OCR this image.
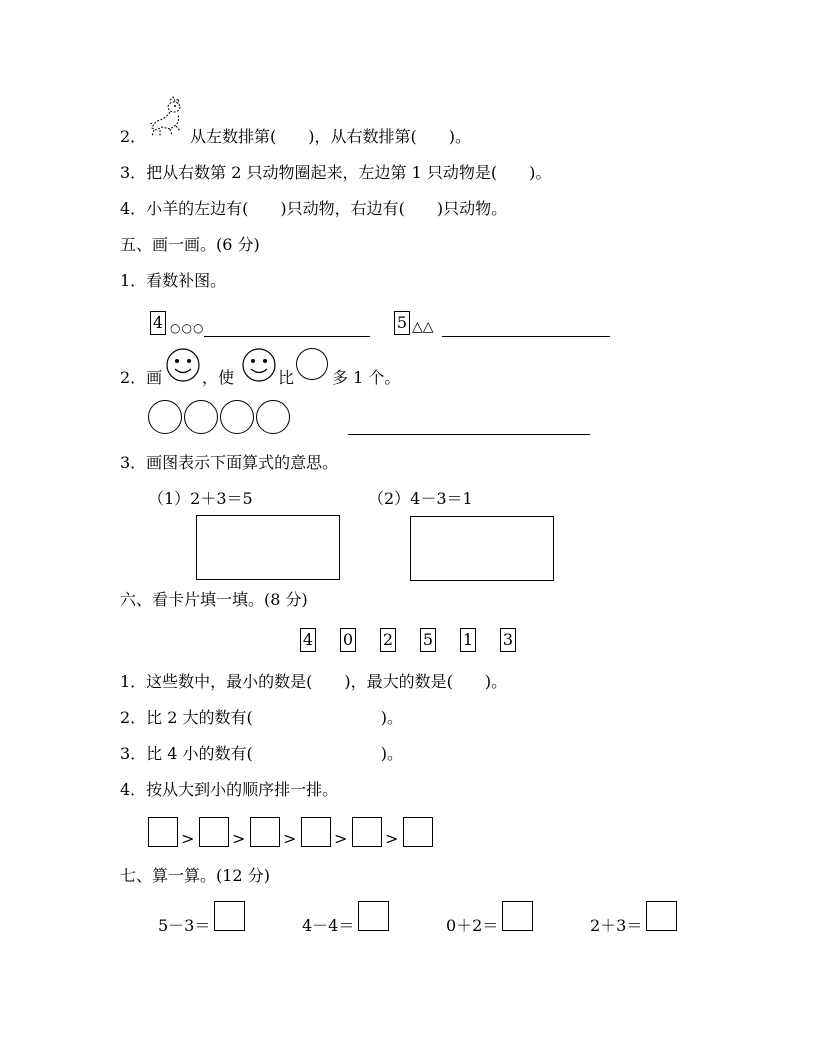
2．	从左数排第(　　)，从右数排第(　　)。
3．把从右数第 2 只动物圈起来，左边第 1 只动物是(　　)。
4．小羊的左边有(　　)只动物，右边有(　　)只动物。
五、画一画。(6 分)
1．看数补图。
4 ○○○	5 △△
2．画 ，使	比 多 1 个。
3．画图表示下面算式的意思。
（1）2＋3＝5	（2）4－3＝1
六、看卡片填一填。(8 分)
4 0 2 5 1 3
1．这些数中，最小的数是(　　)，最大的数是(　　)。
2．比 2 大的数有(　　　　　　　　)。
3．比 4 小的数有(　　　　　　　　)。
4．按从大到小的顺序排一排。
> > > > >
七、算一算。(12 分)
5－3＝	4－4＝	0＋2＝	2＋3＝
